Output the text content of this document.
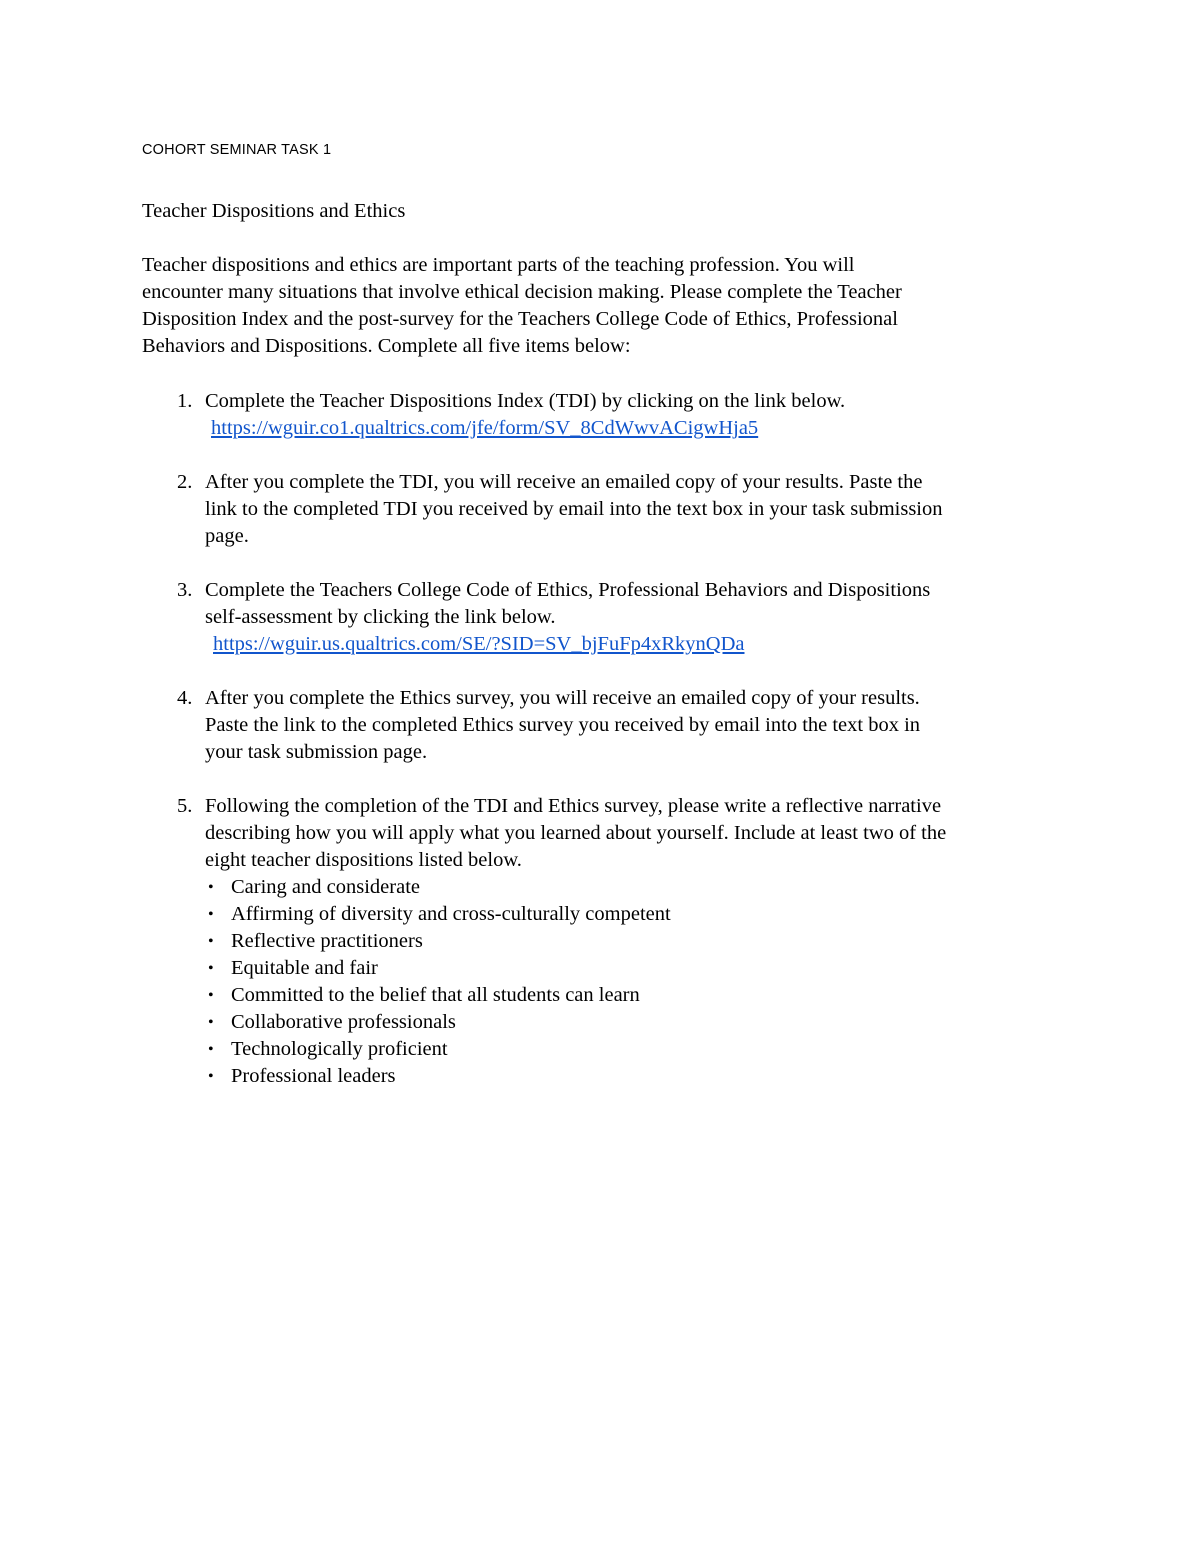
COHORT SEMINAR TASK 1
Teacher Dispositions and Ethics
Teacher dispositions and ethics are important parts of the teaching profession. You will
encounter many situations that involve ethical decision making. Please complete the Teacher
Disposition Index and the post-survey for the Teachers College Code of Ethics, Professional
Behaviors and Dispositions. Complete all five items below:
1. Complete the Teacher Dispositions Index (TDI) by clicking on the link below.
https://wguir.co1.qualtrics.com/jfe/form/SV_8CdWwvACigwHja5
2. After you complete the TDI, you will receive an emailed copy of your results. Paste the
link to the completed TDI you received by email into the text box in your task submission
page.
3. Complete the Teachers College Code of Ethics, Professional Behaviors and Dispositions
self-assessment by clicking the link below.
https://wguir.us.qualtrics.com/SE/?SID=SV_bjFuFp4xRkynQDa
4. After you complete the Ethics survey, you will receive an emailed copy of your results.
Paste the link to the completed Ethics survey you received by email into the text box in
your task submission page.
5. Following the completion of the TDI and Ethics survey, please write a reflective narrative
describing how you will apply what you learned about yourself. Include at least two of the
eight teacher dispositions listed below.
• Caring and considerate
• Affirming of diversity and cross-culturally competent
• Reflective practitioners
• Equitable and fair
• Committed to the belief that all students can learn
• Collaborative professionals
• Technologically proficient
• Professional leaders
